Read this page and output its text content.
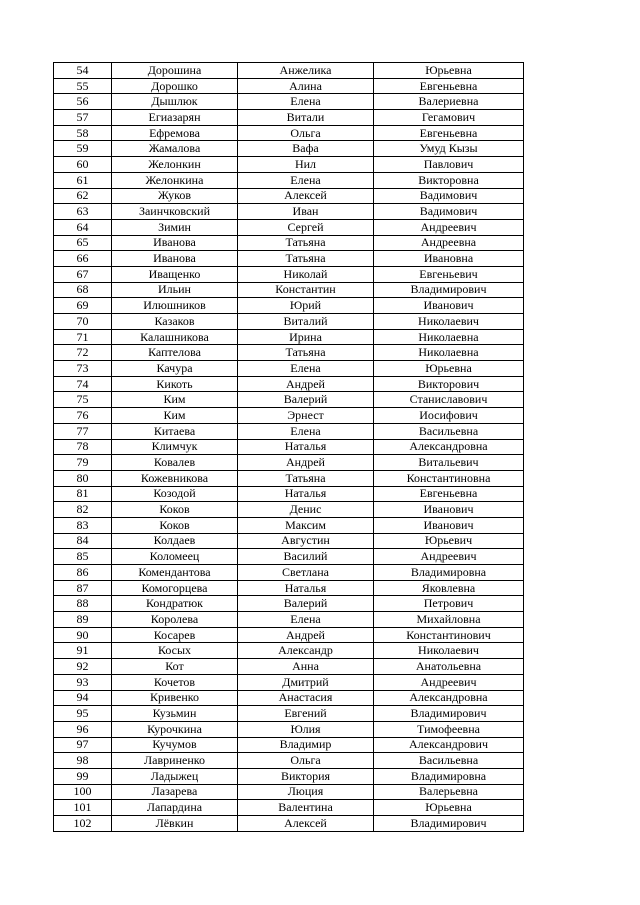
54	Дорошина	Анжелика	Юрьевна
55	Дорошко	Алина	Евгеньевна
56	Дышлюк	Елена	Валериевна
57	Егиазарян	Витали	Гегамович
58	Ефремова	Ольга	Евгеньевна
59	Жамалова	Вафа	Умуд Кызы
60	Желонкин	Нил	Павлович
61	Желонкина	Елена	Викторовна
62	Жуков	Алексей	Вадимович
63	Заинчковский	Иван	Вадимович
64	Зимин	Сергей	Андреевич
65	Иванова	Татьяна	Андреевна
66	Иванова	Татьяна	Ивановна
67	Иващенко	Николай	Евгеньевич
68	Ильин	Константин	Владимирович
69	Илюшников	Юрий	Иванович
70	Казаков	Виталий	Николаевич
71	Калашникова	Ирина	Николаевна
72	Каптелова	Татьяна	Николаевна
73	Качура	Елена	Юрьевна
74	Кикоть	Андрей	Викторович
75	Ким	Валерий	Станиславович
76	Ким	Эрнест	Иосифович
77	Китаева	Елена	Васильевна
78	Климчук	Наталья	Александровна
79	Ковалев	Андрей	Витальевич
80	Кожевникова	Татьяна	Константиновна
81	Козодой	Наталья	Евгеньевна
82	Коков	Денис	Иванович
83	Коков	Максим	Иванович
84	Колдаев	Августин	Юрьевич
85	Коломеец	Василий	Андреевич
86	Комендантова	Светлана	Владимировна
87	Комогорцева	Наталья	Яковлевна
88	Кондратюк	Валерий	Петрович
89	Королева	Елена	Михайловна
90	Косарев	Андрей	Константинович
91	Косых	Александр	Николаевич
92	Кот	Анна	Анатольевна
93	Кочетов	Дмитрий	Андреевич
94	Кривенко	Анастасия	Александровна
95	Кузьмин	Евгений	Владимирович
96	Курочкина	Юлия	Тимофеевна
97	Кучумов	Владимир	Александрович
98	Лавриненко	Ольга	Васильевна
99	Ладыжец	Виктория	Владимировна
100	Лазарева	Люция	Валерьевна
101	Лапардина	Валентина	Юрьевна
102	Лёвкин	Алексей	Владимирович
